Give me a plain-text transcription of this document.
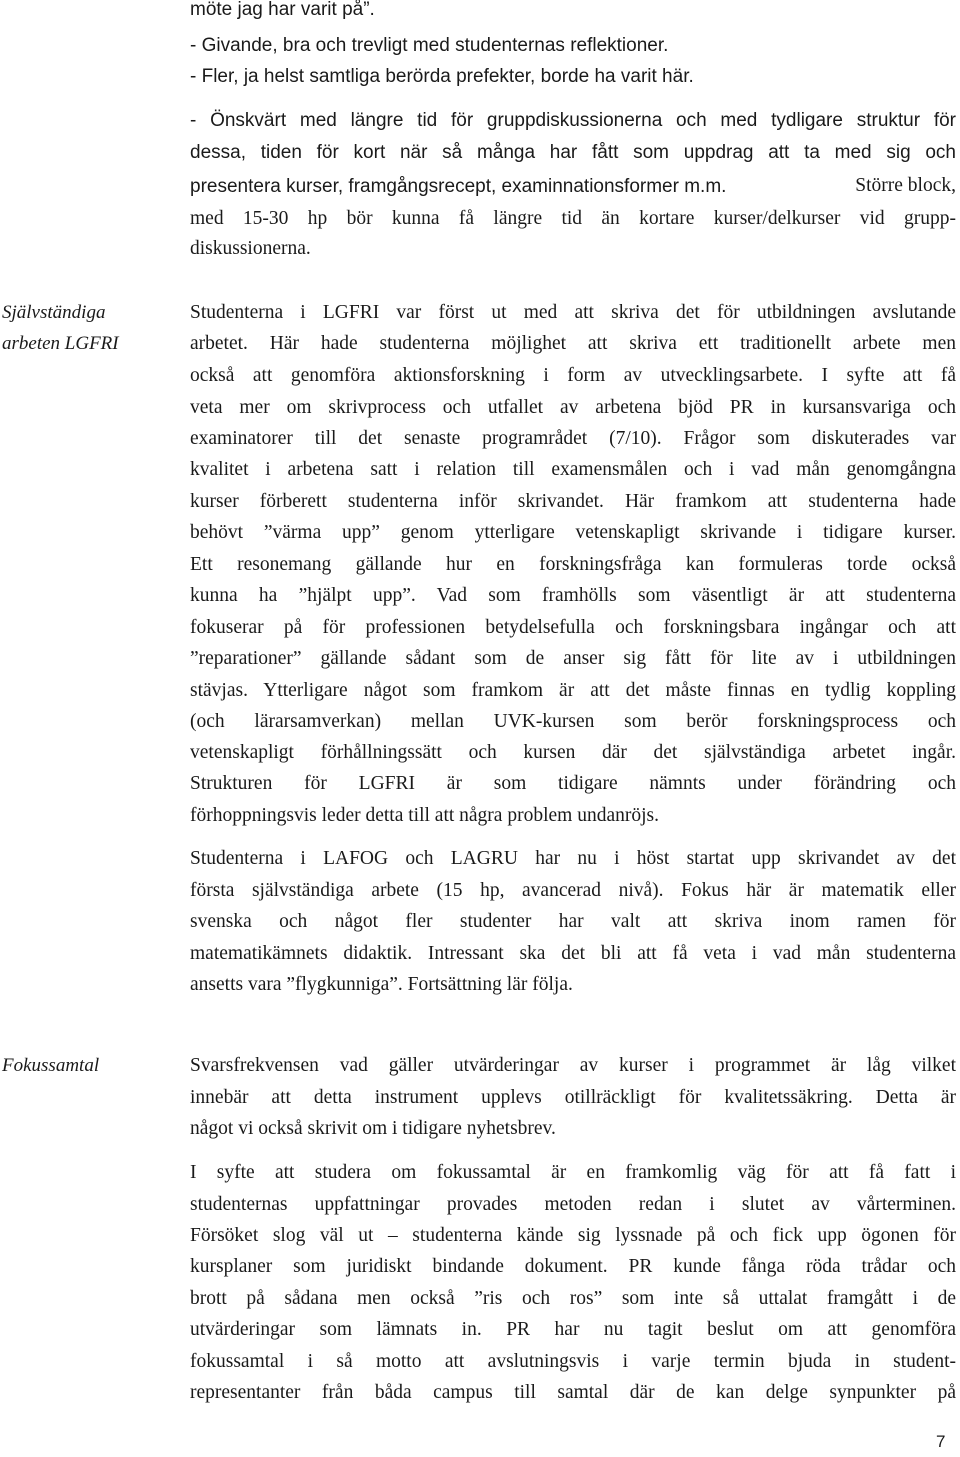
möte jag har varit på”.
- Givande, bra och trevligt med studenternas reflektioner.
- Fler, ja helst samtliga berörda prefekter, borde ha varit här.
- Önskvärt med längre tid för gruppdiskussionerna och med tydligare struktur för
dessa, tiden för kort när så många har fått som uppdrag att ta med sig och
presentera kurser, framgångsrecept, examinnationsformer m.m.	Större block,
med 15-30 hp bör kunna få längre tid än kortare kurser/delkurser vid grupp-
diskussionerna.
Självständiga
arbeten LGFRI
Studenterna i LGFRI var först ut med att skriva det för utbildningen avslutande
arbetet. Här hade studenterna möjlighet att skriva ett traditionellt arbete men
också att genomföra aktionsforskning i form av utvecklingsarbete. I syfte att få
veta mer om skrivprocess och utfallet av arbetena bjöd PR in kursansvariga och
examinatorer till det senaste programrådet (7/10). Frågor som diskuterades var
kvalitet i arbetena satt i relation till examensmålen och i vad mån genomgångna
kurser förberett studenterna inför skrivandet. Här framkom att studenterna hade
behövt ”värma upp” genom ytterligare vetenskapligt skrivande i tidigare kurser.
Ett resonemang gällande hur en forskningsfråga kan formuleras torde också
kunna ha ”hjälpt upp”. Vad som framhölls som väsentligt är att studenterna
fokuserar på för professionen betydelsefulla och forskningsbara ingångar och att
”reparationer” gällande sådant som de anser sig fått för lite av i utbildningen
stävjas. Ytterligare något som framkom är att det måste finnas en tydlig koppling
(och lärarsamverkan) mellan UVK-kursen som berör forskningsprocess och
vetenskapligt förhållningssätt och kursen där det självständiga arbetet ingår.
Strukturen för LGFRI är som tidigare nämnts under förändring och
förhoppningsvis leder detta till att några problem undanröjs.
Studenterna i LAFOG och LAGRU har nu i höst startat upp skrivandet av det
första självständiga arbete (15 hp, avancerad nivå). Fokus här är matematik eller
svenska och något fler studenter har valt att skriva inom ramen för
matematikämnets didaktik. Intressant ska det bli att få veta i vad mån studenterna
ansetts vara ”flygkunniga”. Fortsättning lär följa.
Fokussamtal	Svarsfrekvensen vad gäller utvärderingar av kurser i programmet är låg vilket
innebär att detta instrument upplevs otillräckligt för kvalitetssäkring. Detta är
något vi också skrivit om i tidigare nyhetsbrev.
I syfte att studera om fokussamtal är en framkomlig väg för att få fatt i
studenternas uppfattningar provades metoden redan i slutet av vårterminen.
Försöket slog väl ut – studenterna kände sig lyssnade på och fick upp ögonen för
kursplaner som juridiskt bindande dokument. PR kunde fånga röda trådar och
brott på sådana men också ”ris och ros” som inte så uttalat framgått i de
utvärderingar som lämnats in. PR har nu tagit beslut om att genomföra
fokussamtal i så motto att avslutningsvis i varje termin bjuda in student-
representanter från båda campus till samtal där de kan delge synpunkter på
7
